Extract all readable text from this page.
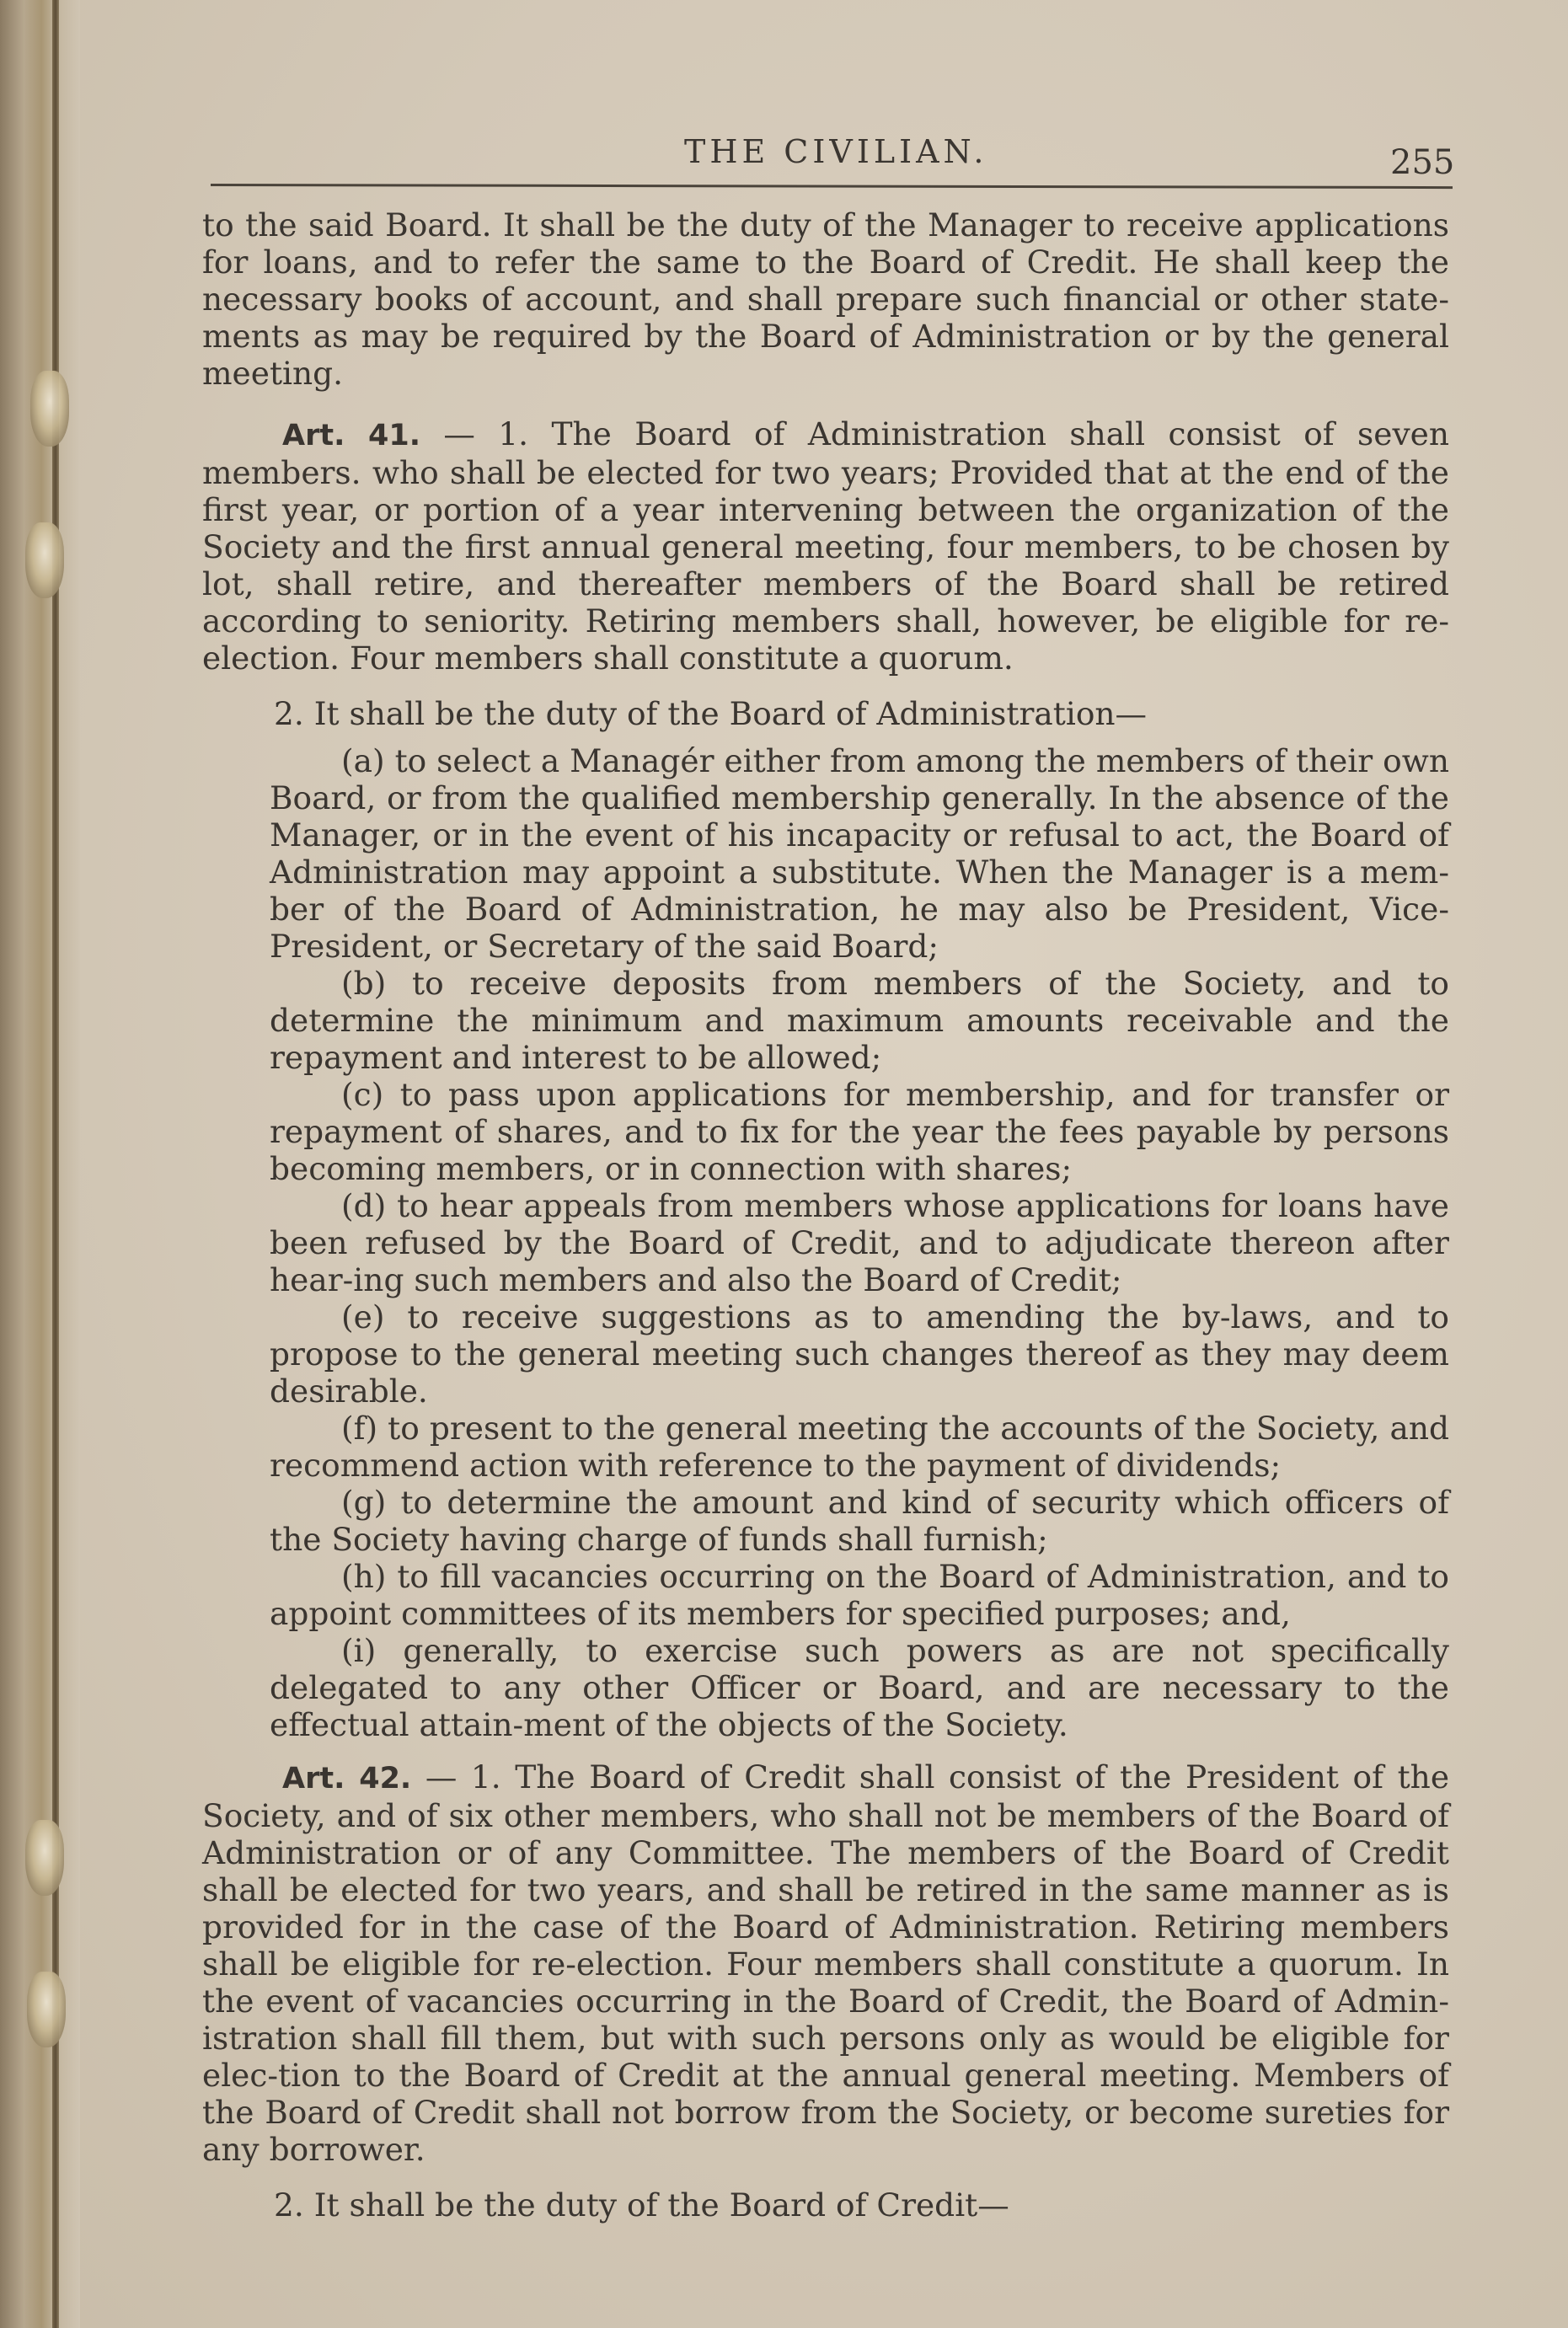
THE CIVILIAN.	255

to the said Board. It shall be the duty of the Manager to receive applications for loans, and to refer the same to the Board of Credit. He shall keep the necessary books of account, and shall prepare such financial or other state-ments as may be required by the Board of Administration or by the general meeting.

Art. 41. — 1. The Board of Administration shall consist of seven members. who shall be elected for two years; Provided that at the end of the first year, or portion of a year intervening between the organization of the Society and the first annual general meeting, four members, to be chosen by lot, shall retire, and thereafter members of the Board shall be retired according to seniority. Retiring members shall, however, be eligible for re-election. Four members shall constitute a quorum.

2. It shall be the duty of the Board of Administration—

(a) to select a Managér either from among the members of their own Board, or from the qualified membership generally. In the absence of the Manager, or in the event of his incapacity or refusal to act, the Board of Administration may appoint a substitute. When the Manager is a mem-ber of the Board of Administration, he may also be President, Vice-President, or Secretary of the said Board;

(b) to receive deposits from members of the Society, and to determine the minimum and maximum amounts receivable and the repayment and interest to be allowed;

(c) to pass upon applications for membership, and for transfer or repayment of shares, and to fix for the year the fees payable by persons becoming members, or in connection with shares;

(d) to hear appeals from members whose applications for loans have been refused by the Board of Credit, and to adjudicate thereon after hear-ing such members and also the Board of Credit;

(e) to receive suggestions as to amending the by-laws, and to propose to the general meeting such changes thereof as they may deem desirable.

(f) to present to the general meeting the accounts of the Society, and recommend action with reference to the payment of dividends;

(g) to determine the amount and kind of security which officers of the Society having charge of funds shall furnish;

(h) to fill vacancies occurring on the Board of Administration, and to appoint committees of its members for specified purposes; and,

(i) generally, to exercise such powers as are not specifically delegated to any other Officer or Board, and are necessary to the effectual attain-ment of the objects of the Society.

Art. 42. — 1. The Board of Credit shall consist of the President of the Society, and of six other members, who shall not be members of the Board of Administration or of any Committee. The members of the Board of Credit shall be elected for two years, and shall be retired in the same manner as is provided for in the case of the Board of Administration. Retiring members shall be eligible for re-election. Four members shall constitute a quorum. In the event of vacancies occurring in the Board of Credit, the Board of Admin-istration shall fill them, but with such persons only as would be eligible for elec-tion to the Board of Credit at the annual general meeting. Members of the Board of Credit shall not borrow from the Society, or become sureties for any borrower.

2. It shall be the duty of the Board of Credit—
